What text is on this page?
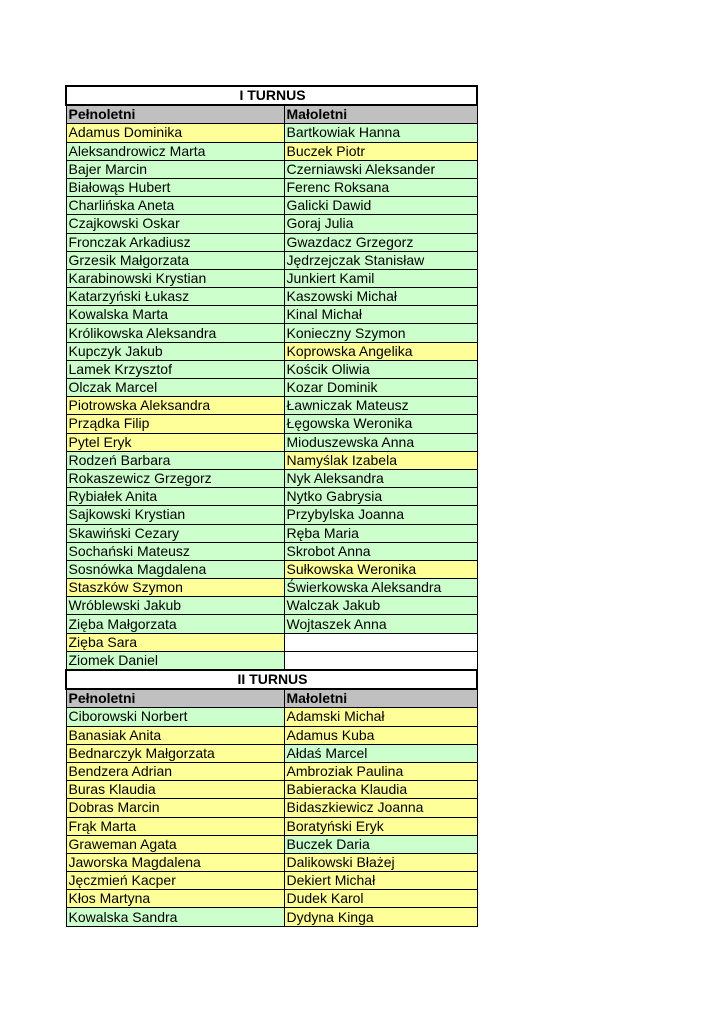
I TURNUS	
Pełnoletni	Małoletni
Adamus Dominika	Bartkowiak Hanna
Aleksandrowicz Marta	Buczek Piotr
Bajer Marcin	Czerniawski Aleksander
Białowąs Hubert	Ferenc Roksana
Charlińska Aneta	Galicki Dawid
Czajkowski Oskar	Goraj Julia
Fronczak Arkadiusz	Gwazdacz Grzegorz
Grzesik Małgorzata	Jędrzejczak Stanisław
Karabinowski Krystian	Junkiert Kamil
Katarzyński Łukasz	Kaszowski Michał
Kowalska Marta	Kinal Michał
Królikowska Aleksandra	Konieczny Szymon
Kupczyk Jakub	Koprowska Angelika
Lamek Krzysztof	Kościk Oliwia
Olczak Marcel	Kozar Dominik
Piotrowska Aleksandra	Ławniczak Mateusz
Prządka Filip	Łęgowska Weronika
Pytel Eryk	Mioduszewska Anna
Rodzeń Barbara	Namyślak Izabela
Rokaszewicz Grzegorz	Nyk Aleksandra
Rybiałek Anita	Nytko Gabrysia
Sajkowski Krystian	Przybylska Joanna
Skawiński Cezary	Ręba Maria
Sochański Mateusz	Skrobot Anna
Sosnówka Magdalena	Sułkowska Weronika
Staszków Szymon	Świerkowska Aleksandra
Wróblewski Jakub	Walczak Jakub
Zięba Małgorzata	Wojtaszek Anna
Zięba Sara	
Ziomek Daniel	
II TURNUS	
Pełnoletni	Małoletni
Ciborowski Norbert	Adamski Michał
Banasiak Anita	Adamus Kuba
Bednarczyk Małgorzata	Ałdaś Marcel
Bendzera Adrian	Ambroziak Paulina
Buras Klaudia	Babieracka Klaudia
Dobras Marcin	Bidaszkiewicz Joanna
Frąk Marta	Boratyński Eryk
Graweman Agata	Buczek Daria
Jaworska Magdalena	Dalikowski Błażej
Jęczmień Kacper	Dekiert Michał
Kłos Martyna	Dudek Karol
Kowalska Sandra	Dydyna Kinga
